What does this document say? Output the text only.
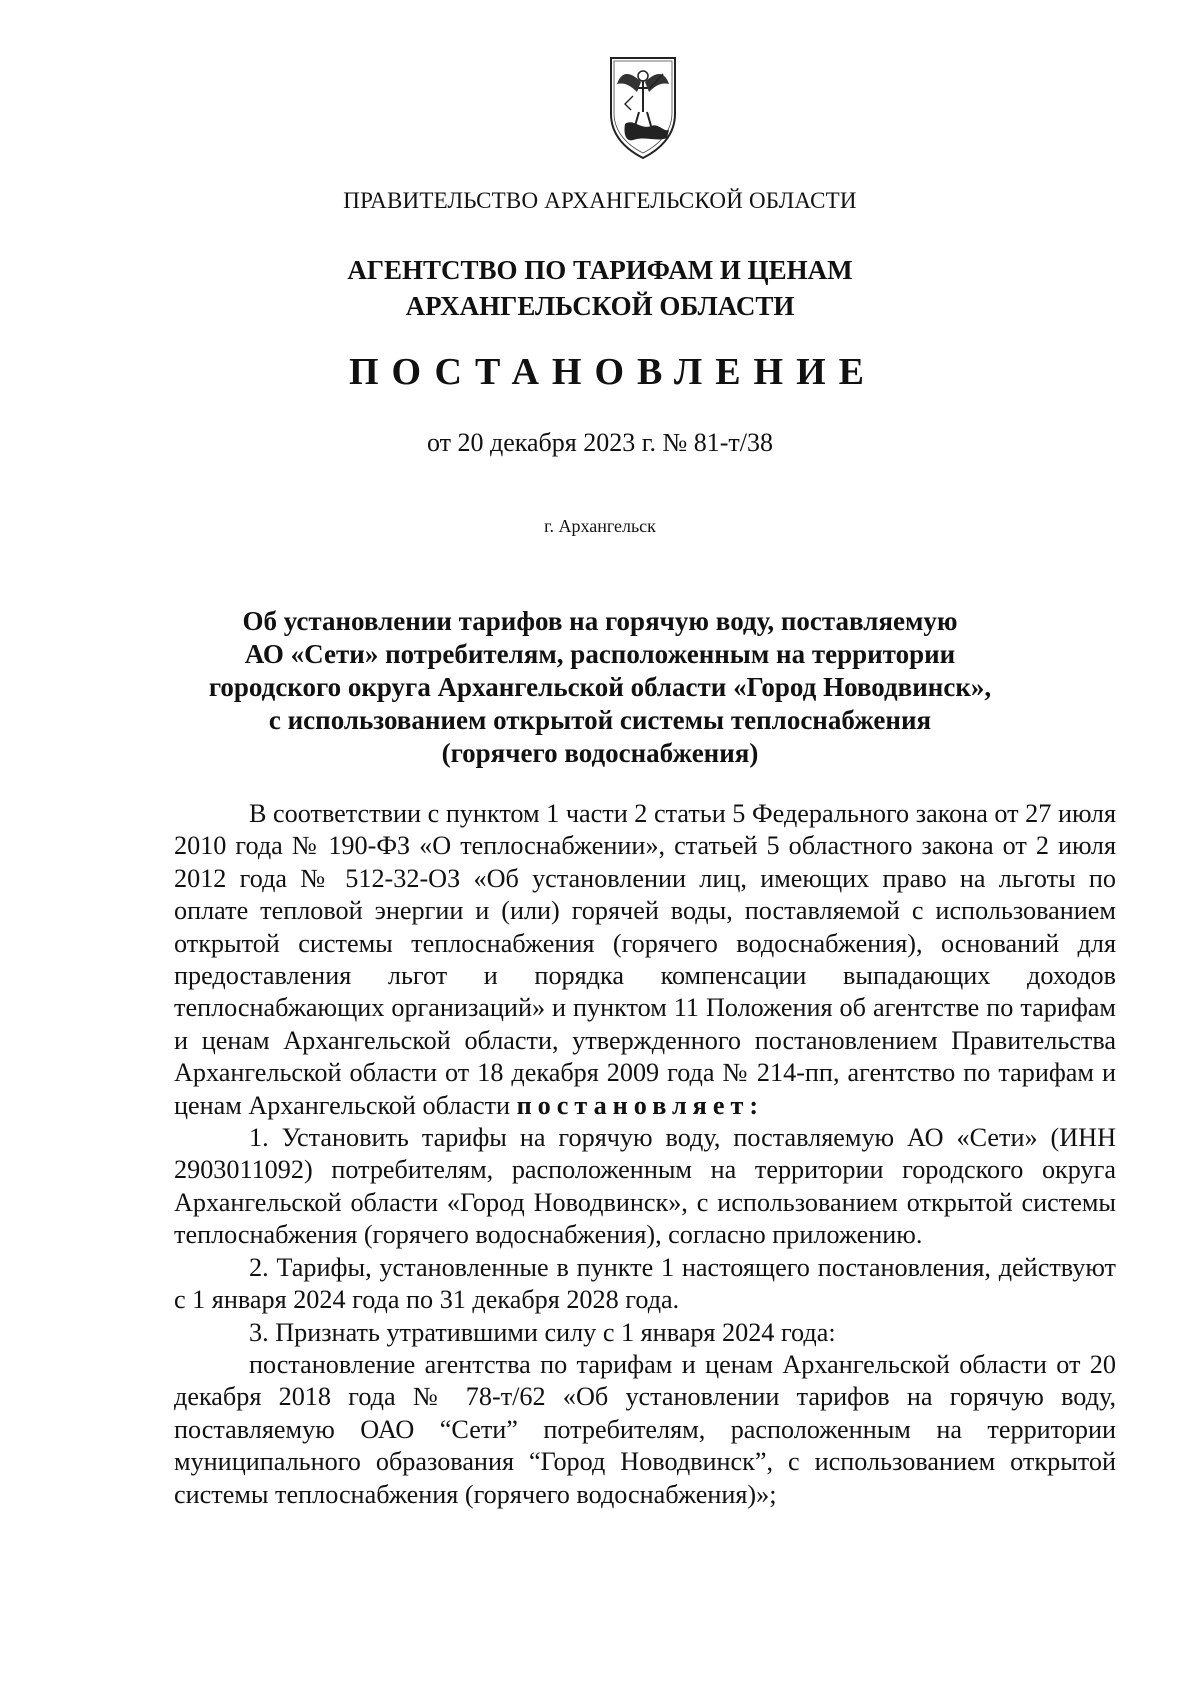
ПРАВИТЕЛЬСТВО АРХАНГЕЛЬСКОЙ ОБЛАСТИ
АГЕНТСТВО ПО ТАРИФАМ И ЦЕНАМ
АРХАНГЕЛЬСКОЙ ОБЛАСТИ
ПОСТАНОВЛЕНИЕ
от 20 декабря 2023 г. № 81-т/38
г. Архангельск
Об установлении тарифов на горячую воду, поставляемую
АО «Сети» потребителям, расположенным на территории
городского округа Архангельской области «Город Новодвинск»,
с использованием открытой системы теплоснабжения
(горячего водоснабжения)

В соответствии с пунктом 1 части 2 статьи 5 Федерального закона от 27 июля 2010 года № 190-ФЗ «О теплоснабжении», статьей 5 областного закона от 2 июля 2012 года № 512-32-ОЗ «Об установлении лиц, имеющих право на льготы по оплате тепловой энергии и (или) горячей воды, поставляемой с использованием открытой системы теплоснабжения (горячего водоснабжения), оснований для предоставления льгот и порядка компенсации выпадающих доходов теплоснабжающих организаций» и пунктом 11 Положения об агентстве по тарифам и ценам Архангельской области, утвержденного постановлением Правительства Архангельской области от 18 декабря 2009 года № 214-пп, агентство по тарифам и ценам Архангельской области постановляет:

1. Установить тарифы на горячую воду, поставляемую АО «Сети» (ИНН 2903011092) потребителям, расположенным на территории городского округа Архангельской области «Город Новодвинск», с использованием открытой системы теплоснабжения (горячего водоснабжения), согласно приложению.

2. Тарифы, установленные в пункте 1 настоящего постановления, действуют с 1 января 2024 года по 31 декабря 2028 года.

3. Признать утратившими силу с 1 января 2024 года:

постановление агентства по тарифам и ценам Архангельской области от 20 декабря 2018 года № 78-т/62 «Об установлении тарифов на горячую воду, поставляемую ОАО “Сети” потребителям, расположенным на территории муниципального образования “Город Новодвинск”, с использованием открытой системы теплоснабжения (горячего водоснабжения)»;
